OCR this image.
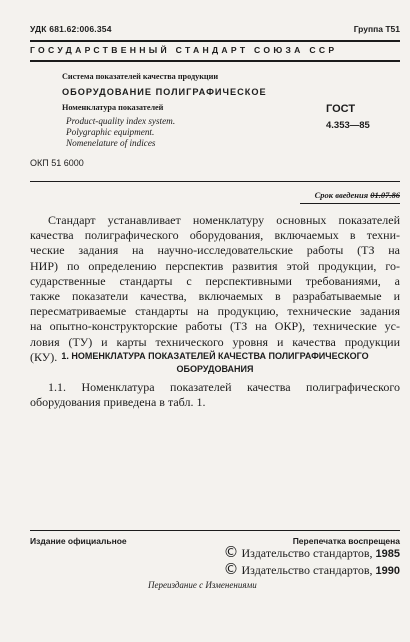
УДК 681.62:006.354	Группа Т51
ГОСУДАРСТВЕННЫЙ СТАНДАРТ СОЮЗА ССР
Система показателей качества продукции
ОБОРУДОВАНИЕ ПОЛИГРАФИЧЕСКОЕ
Номенклатура показателей
Product-quality index system.
Polygraphic equipment.
Nomenelature of indices
ГОСТ
4.353—85
ОКП 51 6000
Срок введения 01.07.86
Стандарт устанавливает номенклатуру основных показателей
качества полиграфического оборудования, включаемых в техни-
ческие задания на научно-исследовательские работы (ТЗ на
НИР) по определению перспектив развития этой продукции, го-
сударственные стандарты с перспективными требованиями, а
также показатели качества, включаемых в разрабатываемые и
пересматриваемые стандарты на продукцию, технические задания
на опытно-конструкторские работы (ТЗ на ОКР), технические ус-
ловия (ТУ) и карты технического уровня и качества продукции
(КУ). 1. НОМЕНКЛАТУРА ПОКАЗАТЕЛЕЙ КАЧЕСТВА ПОЛИГРАФИЧЕСКОГО
ОБОРУДОВАНИЯ
1.1. Номенклатура показателей качества полиграфического
оборудования приведена в табл. 1.
Издание официальное	Перепечатка воспрещена
© Издательство стандартов, 1985
© Издательство стандартов, 1990
Переиздание с Изменениями
